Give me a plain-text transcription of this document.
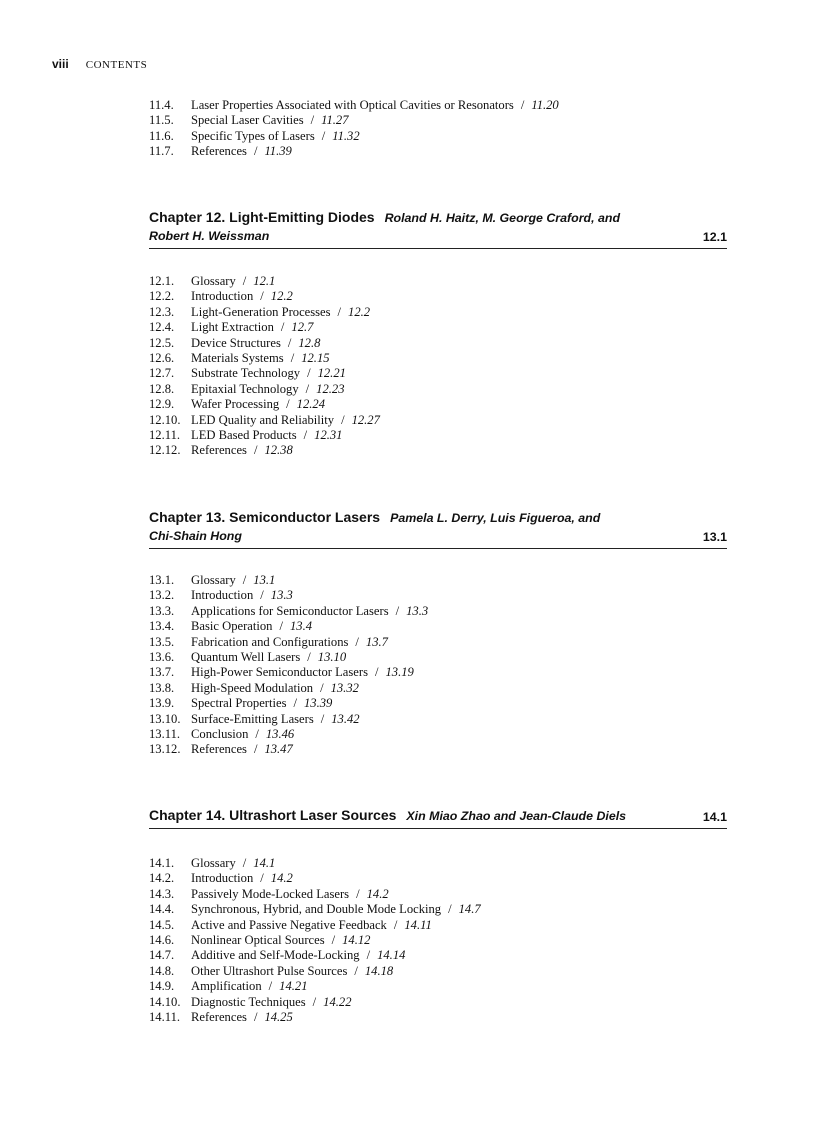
viii CONTENTS
11.4. Laser Properties Associated with Optical Cavities or Resonators / 11.20
11.5. Special Laser Cavities / 11.27
11.6. Specific Types of Lasers / 11.32
11.7. References / 11.39
Chapter 12. Light-Emitting Diodes Roland H. Haitz, M. George Craford, and
Robert H. Weissman	12.1
12.1. Glossary / 12.1
12.2. Introduction / 12.2
12.3. Light-Generation Processes / 12.2
12.4. Light Extraction / 12.7
12.5. Device Structures / 12.8
12.6. Materials Systems / 12.15
12.7. Substrate Technology / 12.21
12.8. Epitaxial Technology / 12.23
12.9. Wafer Processing / 12.24
12.10. LED Quality and Reliability / 12.27
12.11. LED Based Products / 12.31
12.12. References / 12.38
Chapter 13. Semiconductor Lasers Pamela L. Derry, Luis Figueroa, and
Chi-Shain Hong	13.1
13.1. Glossary / 13.1
13.2. Introduction / 13.3
13.3. Applications for Semiconductor Lasers / 13.3
13.4. Basic Operation / 13.4
13.5. Fabrication and Configurations / 13.7
13.6. Quantum Well Lasers / 13.10
13.7. High-Power Semiconductor Lasers / 13.19
13.8. High-Speed Modulation / 13.32
13.9. Spectral Properties / 13.39
13.10. Surface-Emitting Lasers / 13.42
13.11. Conclusion / 13.46
13.12. References / 13.47
Chapter 14. Ultrashort Laser Sources Xin Miao Zhao and Jean-Claude Diels	14.1
14.1. Glossary / 14.1
14.2. Introduction / 14.2
14.3. Passively Mode-Locked Lasers / 14.2
14.4. Synchronous, Hybrid, and Double Mode Locking / 14.7
14.5. Active and Passive Negative Feedback / 14.11
14.6. Nonlinear Optical Sources / 14.12
14.7. Additive and Self-Mode-Locking / 14.14
14.8. Other Ultrashort Pulse Sources / 14.18
14.9. Amplification / 14.21
14.10. Diagnostic Techniques / 14.22
14.11. References / 14.25
